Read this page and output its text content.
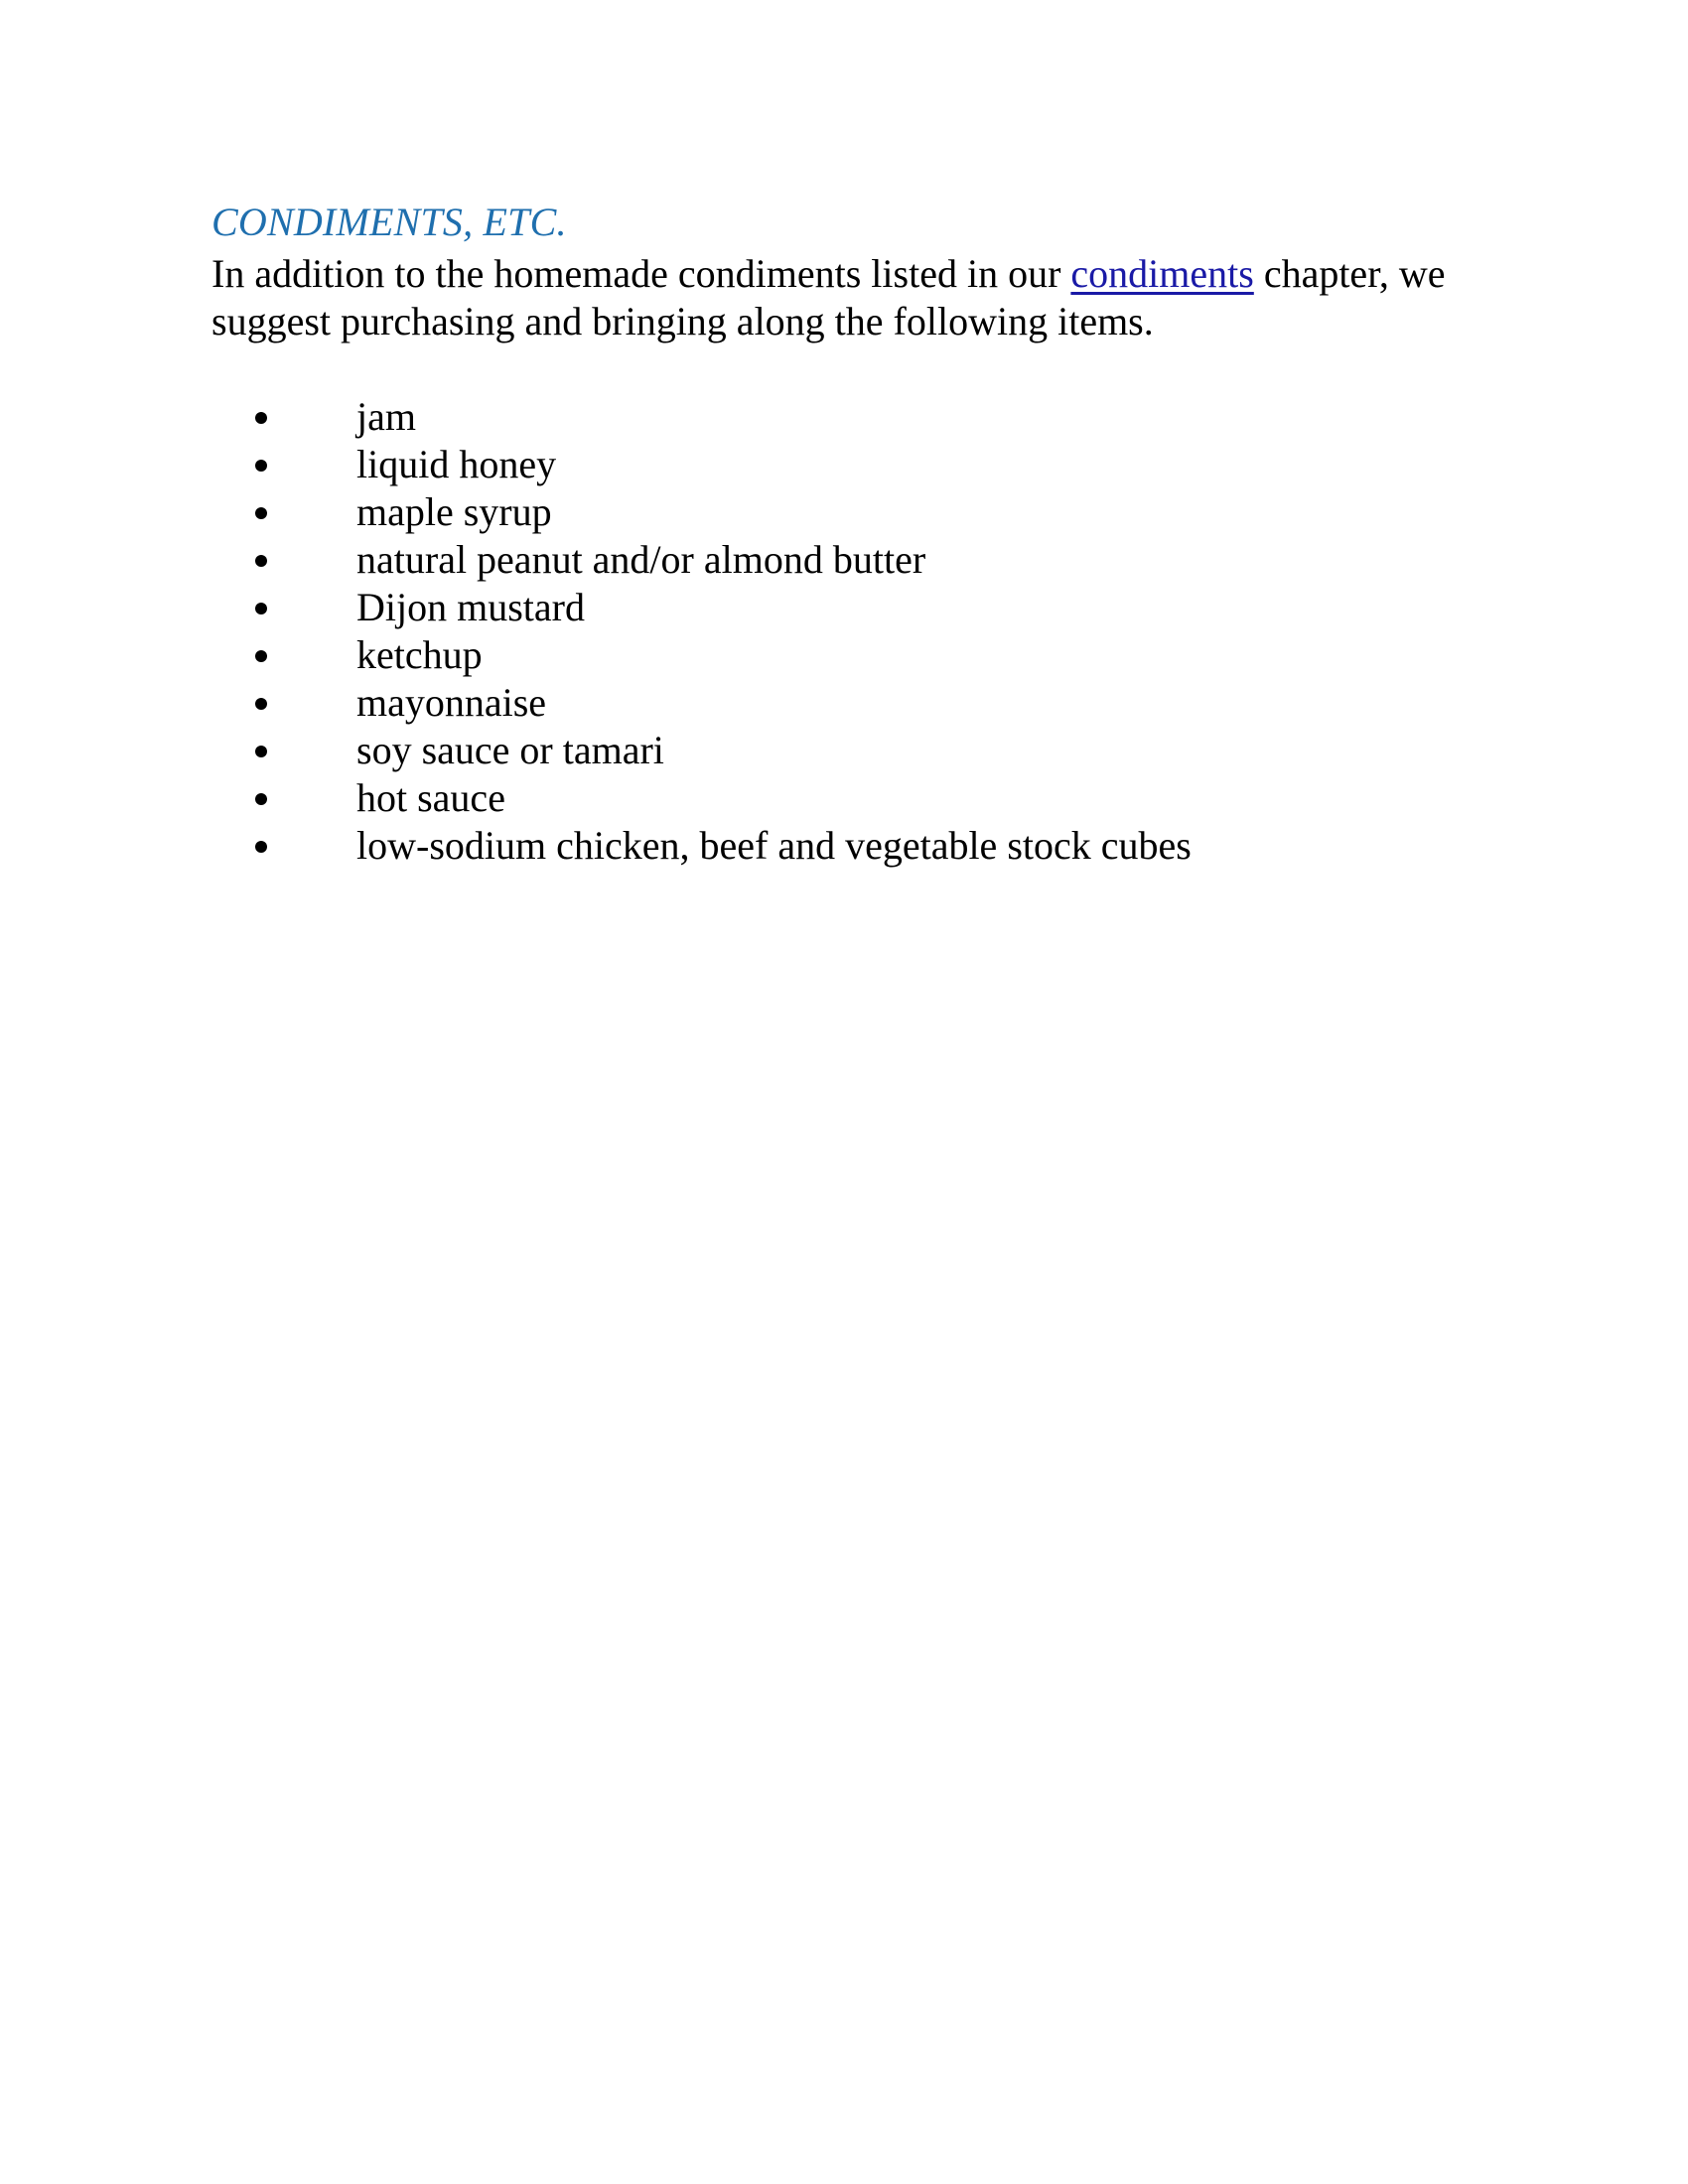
CONDIMENTS, ETC.

In addition to the homemade condiments listed in our condiments chapter, we suggest purchasing and bringing along the following items.

jam
liquid honey
maple syrup
natural peanut and/or almond butter
Dijon mustard
ketchup
mayonnaise
soy sauce or tamari
hot sauce
low-sodium chicken, beef and vegetable stock cubes
